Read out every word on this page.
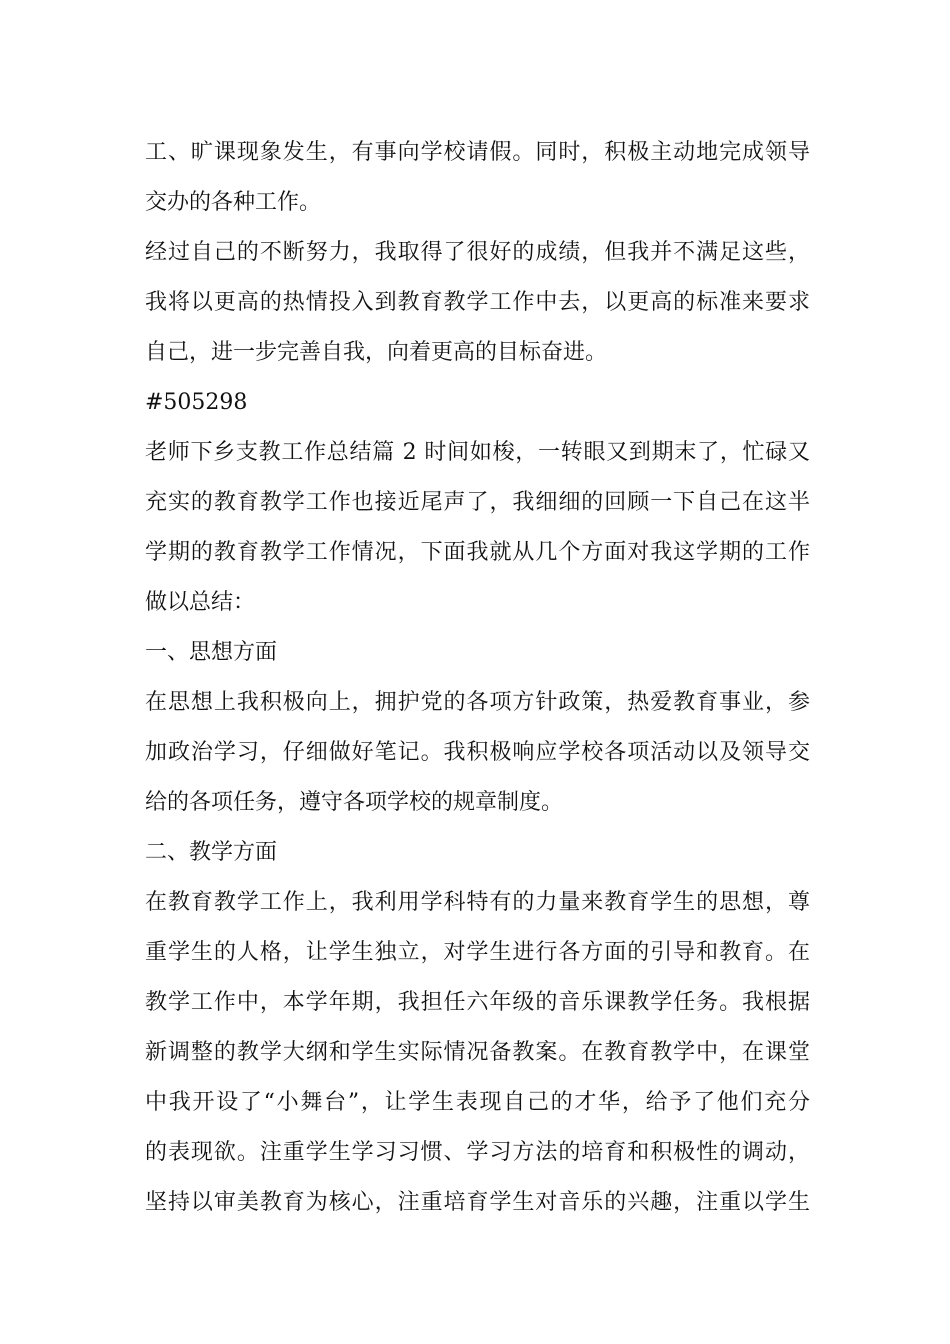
工、旷课现象发生，有事向学校请假。同时，积极主动地完成领导
交办的各种工作。
经过自己的不断努力，我取得了很好的成绩，但我并不满足这些，
我将以更高的热情投入到教育教学工作中去，以更高的标准来要求
自己，进一步完善自我，向着更高的目标奋进。
#505298
老师下乡支教工作总结篇 2 时间如梭，一转眼又到期末了，忙碌又
充实的教育教学工作也接近尾声了，我细细的回顾一下自己在这半
学期的教育教学工作情况，下面我就从几个方面对我这学期的工作
做以总结：
一、思想方面
在思想上我积极向上，拥护党的各项方针政策，热爱教育事业，参
加政治学习，仔细做好笔记。我积极响应学校各项活动以及领导交
给的各项任务，遵守各项学校的规章制度。
二、教学方面
在教育教学工作上，我利用学科特有的力量来教育学生的思想，尊
重学生的人格，让学生独立，对学生进行各方面的引导和教育。在
教学工作中，本学年期，我担任六年级的音乐课教学任务。我根据
新调整的教学大纲和学生实际情况备教案。在教育教学中，在课堂
中我开设了“小舞台”，让学生表现自己的才华，给予了他们充分
的表现欲。注重学生学习习惯、学习方法的培育和积极性的调动，
坚持以审美教育为核心，注重培育学生对音乐的兴趣，注重以学生
